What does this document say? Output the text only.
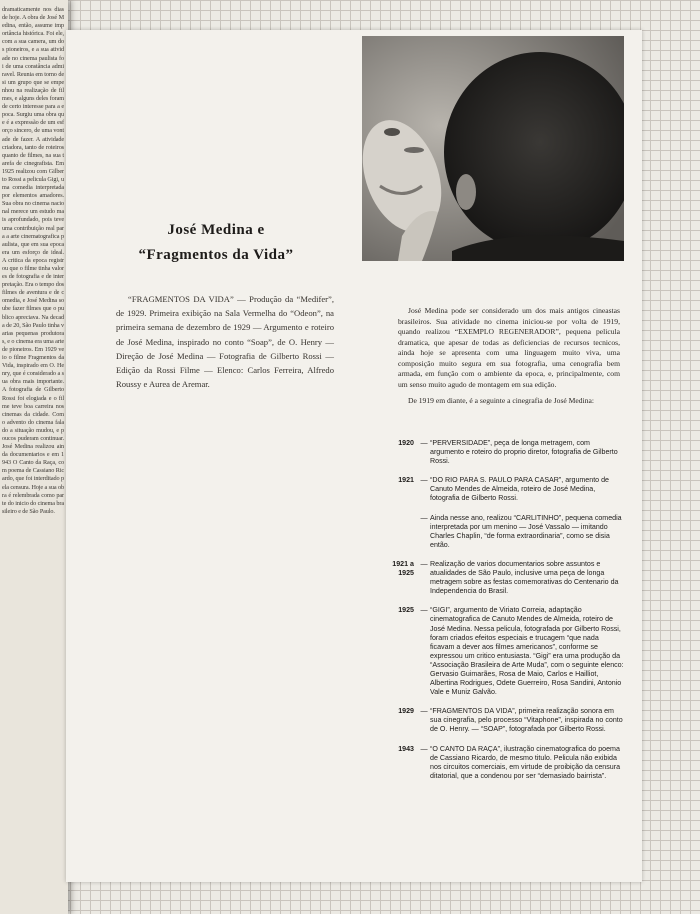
dramaticamente nos dias de hoje. A obra de José Medina, então, assume importância histórica. Foi ele, com a sua camera, um dos pioneiros, e a sua atividade no cinema paulista foi de uma constância admiravel. Reunia em torno de si um grupo que se empenhou na realização de filmes, e alguns deles foram de certo interesse para a epoca. Surgiu uma obra que é a expressão de um esforço sincero, de uma vontade de fazer. A atividade criadora, tanto de roteiros quanto de filmes, na sua tarefa de cinegrafista. Em 1925 realizou com Gilberto Rossi a pelicula Gigi, uma comedia interpretada por elementos amadores. Sua obra no cinema nacional merece um estudo mais aprofundado, pois teve uma contribuição real para a arte cinematografica paulista, que em sua epoca era um esforço de ideal. A critica da epoca registrou que o filme tinha valores de fotografia e de interpretação. Era o tempo dos filmes de aventura e de comedia, e José Medina soube fazer filmes que o publico apreciava. Na decada de 20, São Paulo tinha varias pequenas produtoras, e o cinema era uma arte de pioneiros. Em 1929 veio o filme Fragmentos da Vida, inspirado em O. Henry, que é considerado a sua obra mais importante. A fotografia de Gilberto Rossi foi elogiada e o filme teve boa carreira nos cinemas da cidade. Com o advento do cinema falado a situação mudou, e poucos puderam continuar. José Medina realizou ainda documentarios e em 1943 O Canto da Raça, com poema de Cassiano Ricardo, que foi interditado pela censura. Hoje a sua obra é relembrada como parte do inicio do cinema brasileiro e de São Paulo.
José Medina e
“Fragmentos da Vida”
“FRAGMENTOS DA VIDA” — Produção da “Medifer”, de 1929. Primeira exibição na Sala Vermelha do “Odeon”, na primeira semana de dezembro de 1929 — Argumento e roteiro de José Medina, inspirado no conto “Soap”, de O. Henry — Direção de José Medina — Fotografia de Gilberto Rossi — Edição da Rossi Filme — Elenco: Carlos Ferreira, Alfredo Roussy e Aurea de Aremar.

José Medina pode ser considerado um dos mais antigos cineastas brasileiros. Sua atividade no cinema iniciou-se por volta de 1919, quando realizou “EXEMPLO REGENERADOR”, pequena pelicula dramatica, que apesar de todas as deficiencias de recursos tecnicos, ainda hoje se apresenta com uma linguagem muito viva, uma composição muito segura em sua fotografia, uma cenografia bem armada, em função com o ambiente da epoca, e, principalmente, com um senso muito agudo de montagem em sua edição.

De 1919 em diante, é a seguinte a cinegrafia de José Medina:

1920 — “PERVERSIDADE”, peça de longa metragem, com argumento e roteiro do proprio diretor, fotografia de Gilberto Rossi.
1921 — “DO RIO PARA S. PAULO PARA CASAR”, argumento de Canuto Mendes de Almeida, roteiro de José Medina, fotografia de Gilberto Rossi.
— Ainda nesse ano, realizou “CARLITINHO”, pequena comedia interpretada por um menino — José Vassalo — imitando Charles Chaplin, “de forma extraordinaria”, como se disia então.
1921 a
1925
— Realização de varios documentarios sobre assuntos e atualidades de São Paulo, inclusive uma peça de longa metragem sobre as festas comemorativas do Centenario da Independencia do Brasil.
1925 — “GIGI”, argumento de Viriato Correia, adaptação cinematografica de Canuto Mendes de Almeida, roteiro de José Medina. Nessa pelicula, fotografada por Gilberto Rossi, foram criados efeitos especiais e trucagem “que nada ficavam a dever aos filmes americanos”, conforme se expressou um critico entusiasta. “Gigi” era uma produção da “Associação Brasileira de Arte Muda”, com o seguinte elenco: Gervasio Guimarães, Rosa de Maio, Carlos e Hailliot, Albertina Rodrigues, Odete Guerreiro, Rosa Sandini, Antonio Vale e Muniz Galvão.
1929 — “FRAGMENTOS DA VIDA”, primeira realização sonora em sua cinegrafia, pelo processo “Vitaphone”, inspirada no conto de O. Henry. — “SOAP”, fotografada por Gilberto Rossi.
1943 — “O CANTO DA RAÇA”, ilustração cinematografica do poema de Cassiano Ricardo, de mesmo titulo. Pelicula não exibida nos circuitos comerciais, em virtude de proibição da censura ditatorial, que a condenou por ser “demasiado bairrista”.
